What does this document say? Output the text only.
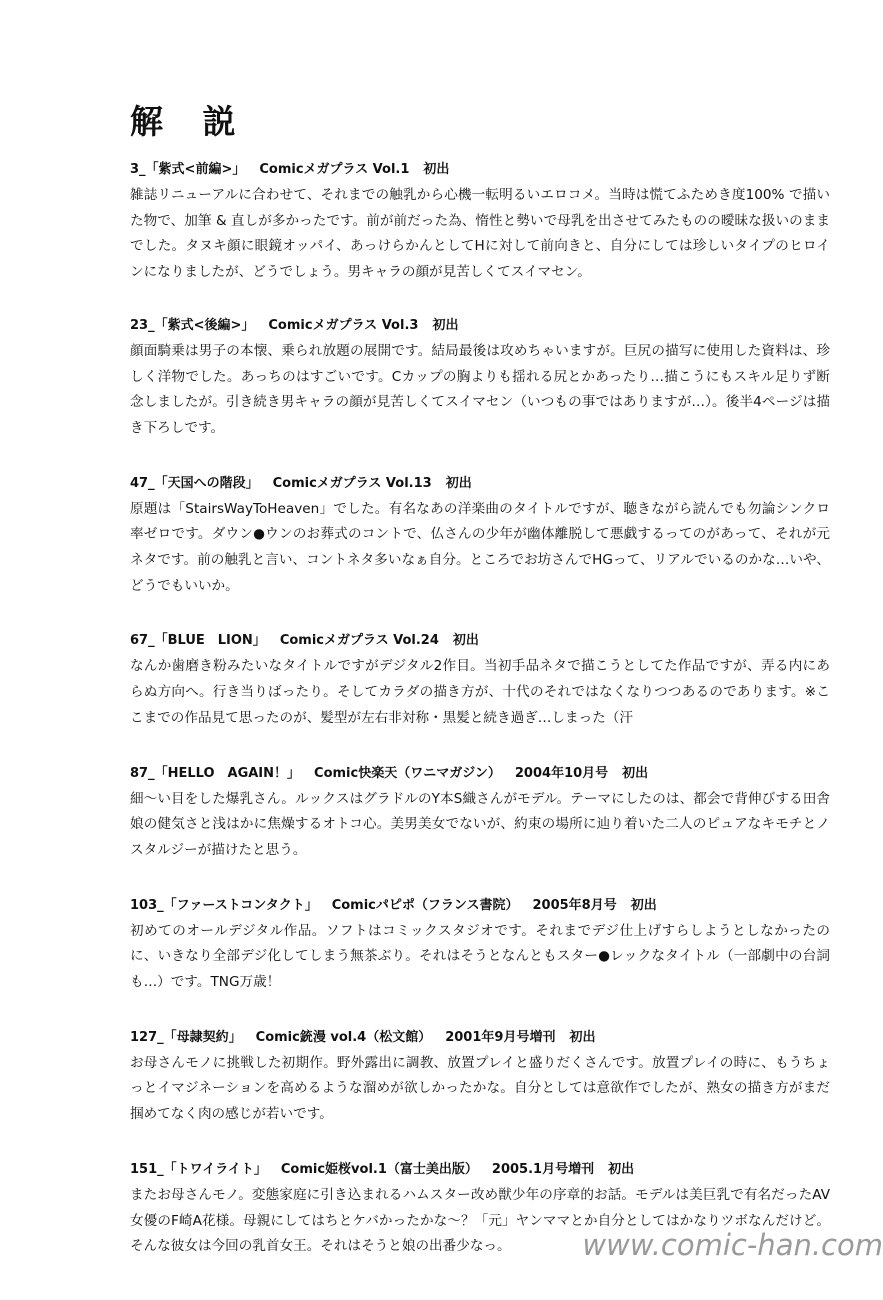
解 説
3_「紫式<前編>」 Comicメガプラス Vol.1 初出

雑誌リニューアルに合わせて、それまでの触乳から心機一転明るいエロコメ。当時は慌てふためき度100% で描いた物で、加筆 & 直しが多かったです。前が前だった為、惰性と勢いで母乳を出させてみたものの曖昧な扱いのままでした。タヌキ顔に眼鏡オッパイ、あっけらかんとしてHに対して前向きと、自分にしては珍しいタイプのヒロインになりましたが、どうでしょう。男キャラの顔が見苦しくてスイマセン。

23_「紫式<後編>」 Comicメガプラス Vol.3 初出

顔面騎乗は男子の本懐、乗られ放題の展開です。結局最後は攻めちゃいますが。巨尻の描写に使用した資料は、珍しく洋物でした。あっちのはすごいです。Cカップの胸よりも揺れる尻とかあったり…描こうにもスキル足りず断念しましたが。引き続き男キャラの顔が見苦しくてスイマセン（いつもの事ではありますが…）。後半4ページは描き下ろしです。

47_「天国への階段」 Comicメガプラス Vol.13 初出

原題は「StairsWayToHeaven」でした。有名なあの洋楽曲のタイトルですが、聴きながら読んでも勿論シンクロ率ゼロです。ダウン●ウンのお葬式のコントで、仏さんの少年が幽体離脱して悪戯するってのがあって、それが元ネタです。前の触乳と言い、コントネタ多いなぁ自分。ところでお坊さんでHGって、リアルでいるのかな…いや、どうでもいいか。

67_「BLUE　LION」 Comicメガプラス Vol.24 初出

なんか歯磨き粉みたいなタイトルですがデジタル2作目。当初手品ネタで描こうとしてた作品ですが、弄る内にあらぬ方向へ。行き当りばったり。そしてカラダの描き方が、十代のそれではなくなりつつあるのであります。※ここまでの作品見て思ったのが、髪型が左右非対称・黒髪と続き過ぎ…しまった（汗

87_「HELLO　AGAIN！」 Comic快楽天（ワニマガジン） 2004年10月号 初出

細～い目をした爆乳さん。ルックスはグラドルのY本S織さんがモデル。テーマにしたのは、都会で背伸びする田舎娘の健気さと浅はかに焦燥するオトコ心。美男美女でないが、約束の場所に辿り着いた二人のピュアなキモチとノスタルジーが描けたと思う。

103_「ファーストコンタクト」 Comicパピポ（フランス書院） 2005年8月号 初出

初めてのオールデジタル作品。ソフトはコミックスタジオです。それまでデジ仕上げすらしようとしなかったのに、いきなり全部デジ化してしまう無茶ぶり。それはそうとなんともスター●レックなタイトル（一部劇中の台詞も…）です。TNG万歳！

127_「母隷契約」 Comic銃漫 vol.4（松文館） 2001年9月号増刊 初出

お母さんモノに挑戦した初期作。野外露出に調教、放置プレイと盛りだくさんです。放置プレイの時に、もうちょっとイマジネーションを高めるような溜めが欲しかったかな。自分としては意欲作でしたが、熟女の描き方がまだ掴めてなく肉の感じが若いです。

151_「トワイライト」 Comic姫桜vol.1（富士美出版） 2005.1月号増刊 初出

またお母さんモノ。変態家庭に引き込まれるハムスター改め獣少年の序章的お話。モデルは美巨乳で有名だったAV女優のF崎A花様。母親にしてはちとケバかったかな～？「元」ヤンママとか自分としてはかなりツボなんだけど。そんな彼女は今回の乳首女王。それはそうと娘の出番少なっ。	www.comic-han.com
